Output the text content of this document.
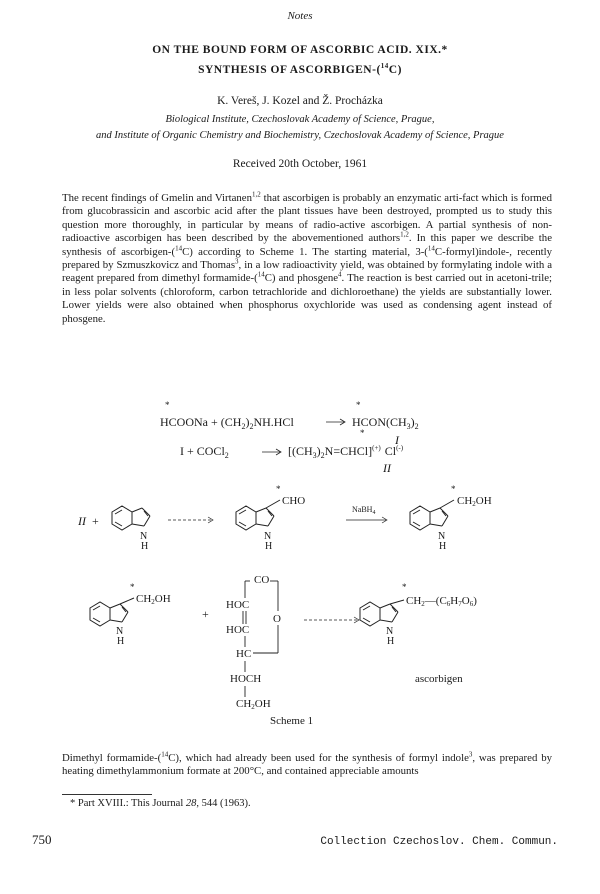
Notes
ON THE BOUND FORM OF ASCORBIC ACID. XIX.*
SYNTHESIS OF ASCORBIGEN-($^{14}$C)
K. Vereš, J. Kozel and Ž. Procházka
Biological Institute, Czechoslovak Academy of Science, Prague,
and Institute of Organic Chemistry and Biochemistry, Czechoslovak Academy of Science, Prague
Received 20th October, 1961
The recent findings of Gmelin and Virtanen$^{1,2}$ that ascorbigen is probably an enzymatic arti-fact which is formed from glucobrassicin and ascorbic acid after the plant tissues have been destroyed, prompted us to study this question more thoroughly, in particular by means of radio-active ascorbigen. A partial synthesis of non-radioactive ascorbigen has been described by the abovementioned authors$^{1,2}$. In this paper we describe the synthesis of ascorbigen-($^{14}$C) according to Scheme 1. The starting material, 3-($^{14}$C-formyl)indole-, recently prepared by Szmuszkovicz and Thomas$^3$, in a low radioactivity yield, was obtained by formylating indole with a reagent prepared from dimethyl formamide-($^{14}$C) and phosgene$^4$. The reaction is best carried out in acetoni-trile; in less polar solvents (chloroform, carbon tetrachloride and dichloroethane) the yields are substantially lower. Lower yields were also obtained when phosphorus oxychloride was used as condensing agent instead of phosgene.
*
HCOONa + $(CH_2)_2NH.HCl$
*
$HCON(CH_3)_2$
I
I + COCl$_2$
*
$[(CH_3)_2N=CHCl]^{(+)}$ Cl(-)
II
II +
N
H
*
CHO
N
H
NaBH$_4$
*
CH2OH
N
H
*
CH2OH
N
H
+
CO
HOC
HOC
O
HC
HOCH
CH2OH
*
CH2—(C6H7O6)
N
H
ascorbigen
Scheme 1
Dimethyl formamide-($^{14}$C), which had already been used for the synthesis of formyl indole$^3$, was prepared by heating dimethylammonium formate at 200°C, and contained appreciable amounts
* Part XVIII.: This Journal 28, 544 (1963).
750	Collection Czechoslov. Chem. Commun.
